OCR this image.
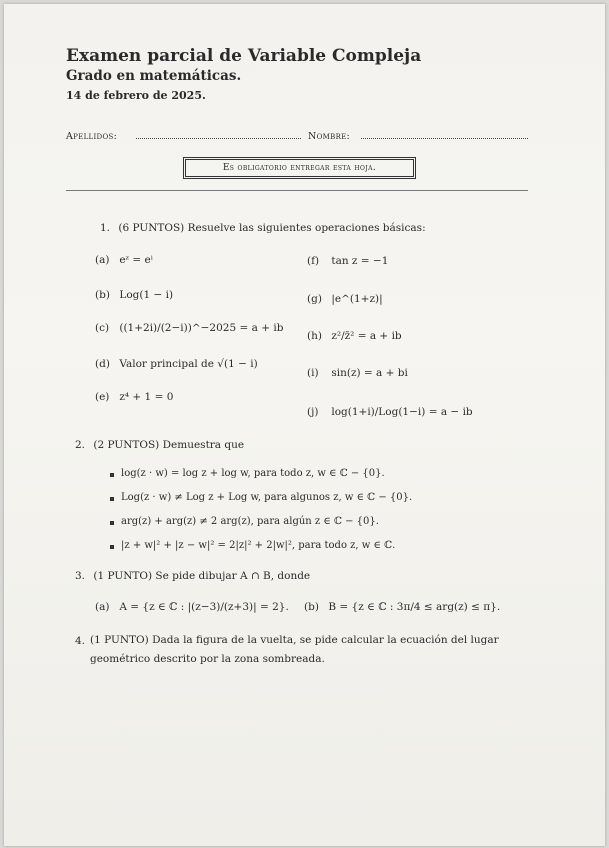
Examen parcial de Variable Compleja
Grado en matemáticas.
14 de febrero de 2025.
Apellidos:	Nombre:
Es obligatorio entregar esta hoja.
1. (6 PUNTOS) Resuelve las siguientes operaciones básicas:
(a) eᶻ = eⁱ
(b) Log(1 − i)
(c) ((1+2i)/(2−i))^−2025 = a + ib
(d) Valor principal de √(1 − i)
(e) z⁴ + 1 = 0
(f) tan z = −1
(g) |e^(1+z)|
(h) z²/z̄² = a + ib
(i) sin(z) = a + bi
(j) log(1+i)/Log(1−i) = a − ib
2. (2 PUNTOS) Demuestra que
log(z · w) = log z + log w, para todo z, w ∈ ℂ − {0}.
Log(z · w) ≠ Log z + Log w, para algunos z, w ∈ ℂ − {0}.
arg(z) + arg(z) ≠ 2 arg(z), para algún z ∈ ℂ − {0}.
|z + w|² + |z − w|² = 2|z|² + 2|w|², para todo z, w ∈ ℂ.
3. (1 PUNTO) Se pide dibujar A ∩ B, donde
(a) A = {z ∈ ℂ : |(z−3)/(z+3)| = 2}. (b) B = {z ∈ ℂ : 3π/4 ≤ arg(z) ≤ π}.
4. (1 PUNTO) Dada la figura de la vuelta, se pide calcular la ecuación del lugar geométrico descrito por la zona sombreada.
